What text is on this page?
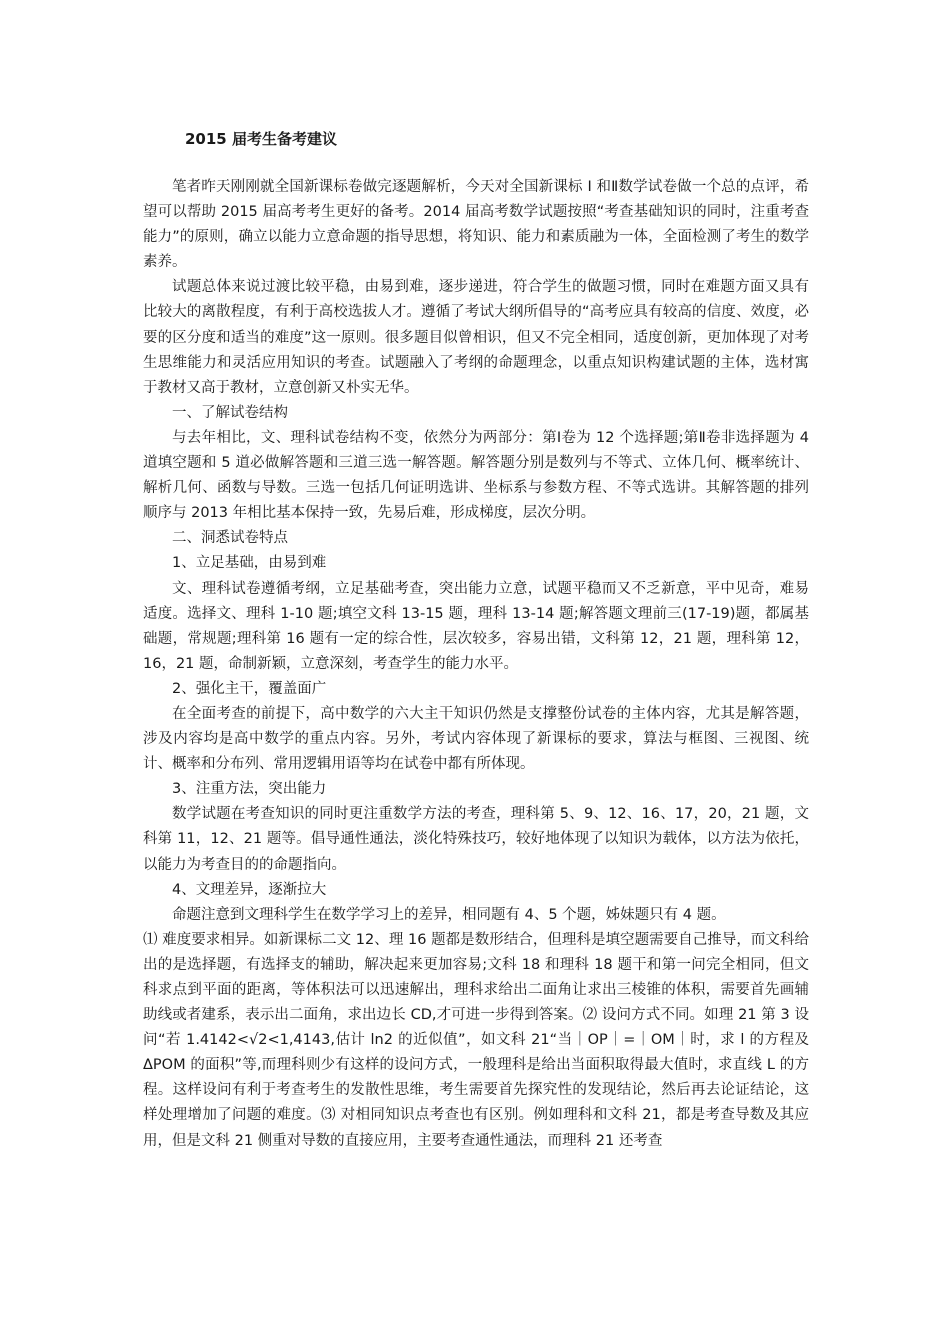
2015 届考生备考建议

笔者昨天刚刚就全国新课标卷做完逐题解析，今天对全国新课标 I 和Ⅱ数学试卷做一个总的点评，希望可以帮助 2015 届高考考生更好的备考。2014 届高考数学试题按照“考查基础知识的同时，注重考查能力”的原则，确立以能力立意命题的指导思想，将知识、能力和素质融为一体，全面检测了考生的数学素养。

试题总体来说过渡比较平稳，由易到难，逐步递进，符合学生的做题习惯，同时在难题方面又具有比较大的离散程度，有利于高校选拔人才。遵循了考试大纲所倡导的“高考应具有较高的信度、效度，必要的区分度和适当的难度”这一原则。很多题目似曾相识，但又不完全相同，适度创新，更加体现了对考生思维能力和灵活应用知识的考查。试题融入了考纲的命题理念，以重点知识构建试题的主体，选材寓于教材又高于教材，立意创新又朴实无华。

一、了解试卷结构

与去年相比，文、理科试卷结构不变，依然分为两部分：第Ⅰ卷为 12 个选择题;第Ⅱ卷非选择题为 4 道填空题和 5 道必做解答题和三道三选一解答题。解答题分别是数列与不等式、立体几何、概率统计、解析几何、函数与导数。三选一包括几何证明选讲、坐标系与参数方程、不等式选讲。其解答题的排列顺序与 2013 年相比基本保持一致，先易后难，形成梯度，层次分明。

二、洞悉试卷特点

1、立足基础，由易到难

文、理科试卷遵循考纲，立足基础考查，突出能力立意，试题平稳而又不乏新意，平中见奇，难易适度。选择文、理科 1-10 题;填空文科 13-15 题，理科 13-14 题;解答题文理前三(17-19)题，都属基础题，常规题;理科第 16 题有一定的综合性，层次较多，容易出错，文科第 12，21 题，理科第 12，16，21 题，命制新颖，立意深刻，考查学生的能力水平。

2、强化主干，覆盖面广

在全面考查的前提下，高中数学的六大主干知识仍然是支撑整份试卷的主体内容，尤其是解答题，涉及内容均是高中数学的重点内容。另外，考试内容体现了新课标的要求，算法与框图、三视图、统计、概率和分布列、常用逻辑用语等均在试卷中都有所体现。

3、注重方法，突出能力

数学试题在考查知识的同时更注重数学方法的考查，理科第 5、9、12、16、17，20，21 题，文科第 11，12、21 题等。倡导通性通法，淡化特殊技巧，较好地体现了以知识为载体，以方法为依托，以能力为考查目的的命题指向。

4、文理差异，逐渐拉大

命题注意到文理科学生在数学学习上的差异，相同题有 4、5 个题，姊妹题只有 4 题。

⑴ 难度要求相异。如新课标二文 12、理 16 题都是数形结合，但理科是填空题需要自己推导，而文科给出的是选择题，有选择支的辅助，解决起来更加容易;文科 18 和理科 18 题干和第一问完全相同，但文科求点到平面的距离，等体积法可以迅速解出，理科求给出二面角让求出三棱锥的体积，需要首先画辅助线或者建系，表示出二面角，求出边长 CD,才可进一步得到答案。⑵ 设问方式不同。如理 21 第 3 设问“若 1.4142<√2<1,4143,估计 ln2 的近似值”，如文科 21“当｜OP｜=｜OM｜时，求 l 的方程及ΔPOM 的面积”等,而理科则少有这样的设问方式，一般理科是给出当面积取得最大值时，求直线 L 的方程。这样设问有利于考查考生的发散性思维，考生需要首先探究性的发现结论，然后再去论证结论，这样处理增加了问题的难度。⑶ 对相同知识点考查也有区别。例如理科和文科 21，都是考查导数及其应用，但是文科 21 侧重对导数的直接应用，主要考查通性通法，而理科 21 还考查
